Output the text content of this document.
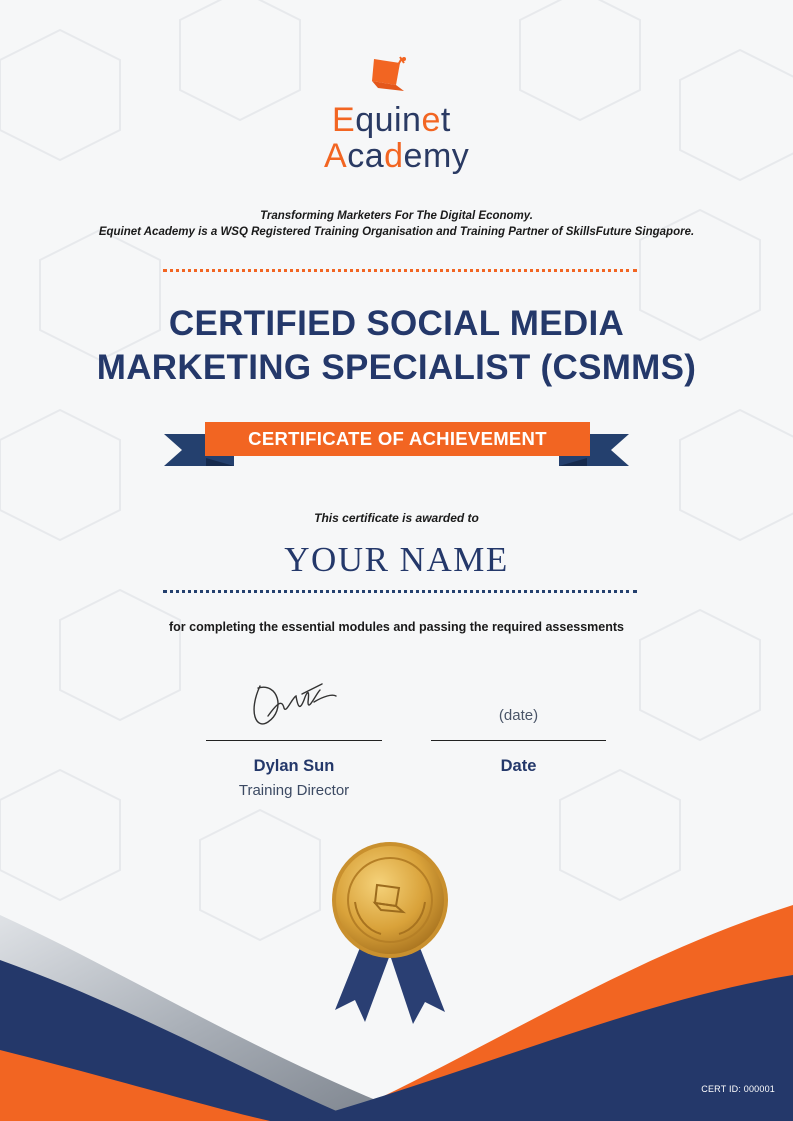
Equinet
Academy
Transforming Marketers For The Digital Economy.
Equinet Academy is a WSQ Registered Training Organisation and Training Partner of SkillsFuture Singapore.
CERTIFIED SOCIAL MEDIA
MARKETING SPECIALIST (CSMMS)
CERTIFICATE OF ACHIEVEMENT
This certificate is awarded to
YOUR NAME
for completing the essential modules and passing the required assessments
(date)
Dylan Sun
Training Director
Date
CERT ID: 000001
